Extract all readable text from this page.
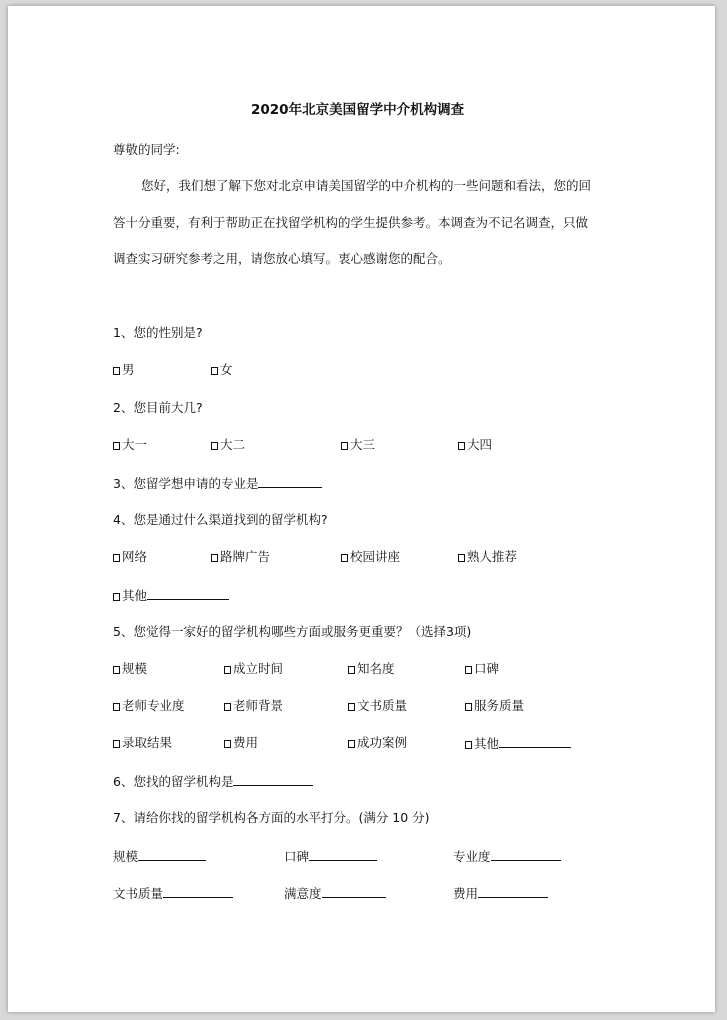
2020年北京美国留学中介机构调查
尊敬的同学:
您好，我们想了解下您对北京申请美国留学的中介机构的一些问题和看法，您的回
答十分重要，有利于帮助正在找留学机构的学生提供参考。本调查为不记名调查，只做
调查实习研究参考之用，请您放心填写。衷心感谢您的配合。
1、您的性别是?
男	女
2、您目前大几?
大一	大二	大三	大四
3、您留学想申请的专业是
4、您是通过什么渠道找到的留学机构?
网络	路牌广告	校园讲座	熟人推荐
其他
5、您觉得一家好的留学机构哪些方面或服务更重要？（选择3项)
规模	成立时间	知名度	口碑
老师专业度	老师背景	文书质量	服务质量
录取结果	费用	成功案例	其他
6、您找的留学机构是
7、请给你找的留学机构各方面的水平打分。(满分 10 分)
规模	口碑	专业度
文书质量	满意度	费用
